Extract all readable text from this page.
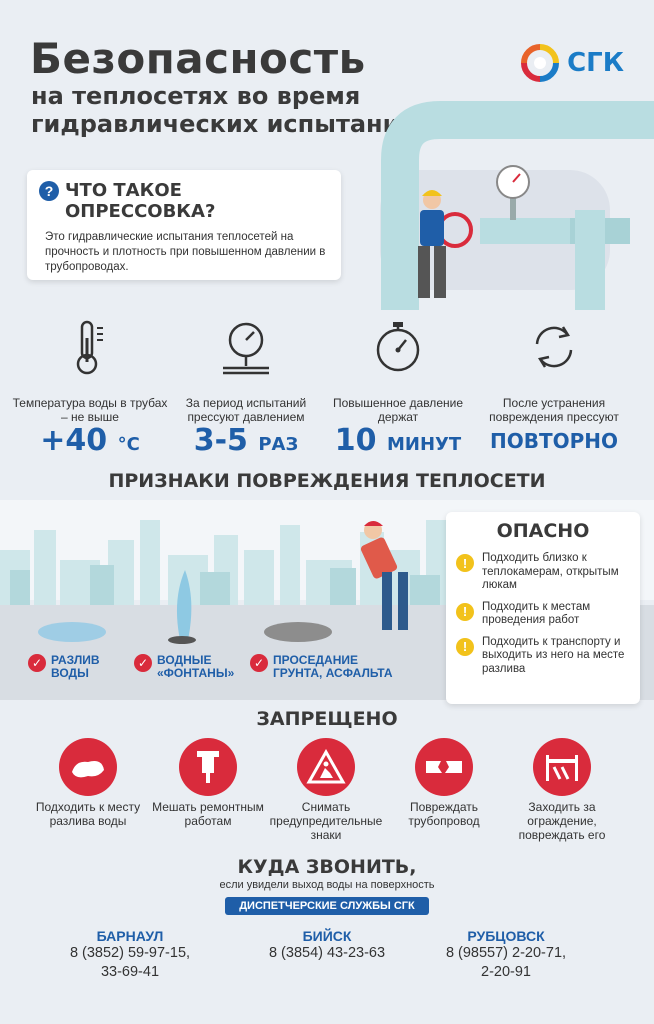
Безопасность
на теплосетях во время
гидравлических испытаний
СГК
? ЧТО ТАКОЕ
ОПРЕССОВКА?
Это гидравлические испытания теплосетей на прочность и плотность при повышенном давлении в трубопроводах.
Температура воды в трубах – не выше
+40 °С
За период испытаний прессуют давлением
3-5 РАЗ
Повышенное давление держат
10 МИНУТ
После устранения повреждения прессуют
ПОВТОРНО
ПРИЗНАКИ ПОВРЕЖДЕНИЯ ТЕПЛОСЕТИ
✓ РАЗЛИВ
ВОДЫ
✓ ВОДНЫЕ
«ФОНТАНЫ»
✓ ПРОСЕДАНИЕ
ГРУНТА, АСФАЛЬТА
ОПАСНО
!	Подходить близко к теплокамерам, открытым люкам
!	Подходить к местам проведения работ
!	Подходить к транспорту и выходить из него на месте разлива
ЗАПРЕЩЕНО
Подходить к месту разлива воды
Мешать ремонтным работам
Снимать предупредительные знаки
Повреждать трубопровод
Заходить за ограждение, повреждать его
КУДА ЗВОНИТЬ,
если увидели выход воды на поверхность
ДИСПЕТЧЕРСКИЕ СЛУЖБЫ СГК
БАРНАУЛ
8 (3852) 59-97-15,
33-69-41
БИЙСК
8 (3854) 43-23-63
РУБЦОВСК
8 (98557) 2-20-71,
2-20-91
